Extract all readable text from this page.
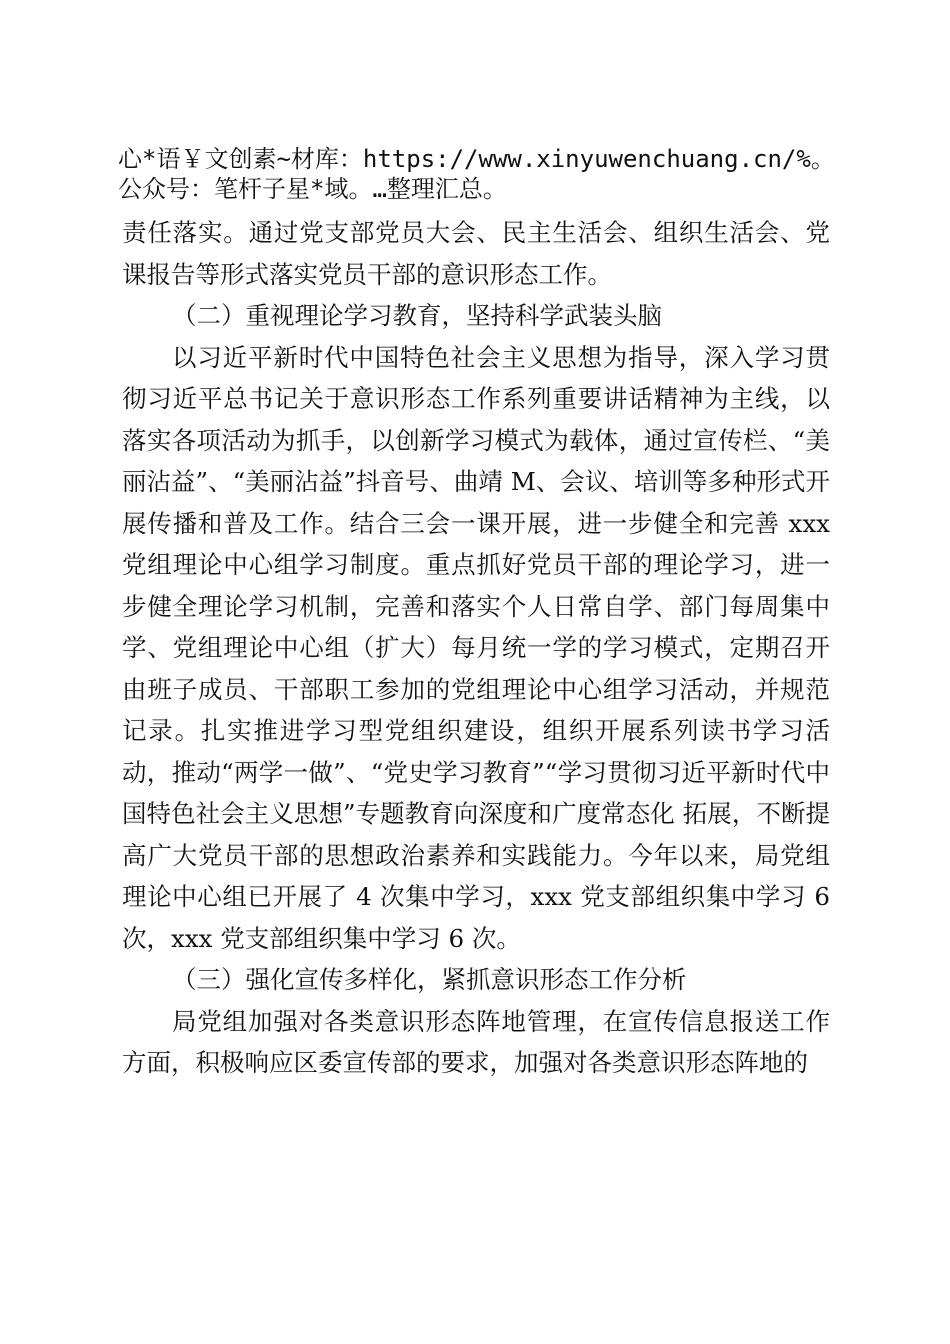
心*语￥文创素~材库：https://www.xinyuwenchuang.cn/%。公众号：笔杆子星*域。…整理汇总。

责任落实。通过党支部党员大会、民主生活会、组织生活会、党课报告等形式落实党员干部的意识形态工作。

（二）重视理论学习教育，坚持科学武装头脑

以习近平新时代中国特色社会主义思想为指导，深入学习贯彻习近平总书记关于意识形态工作系列重要讲话精神为主线，以落实各项活动为抓手，以创新学习模式为载体，通过宣传栏、“美丽沾益”、“美丽沾益”抖音号、曲靖 M、会议、培训等多种形式开展传播和普及工作。结合三会一课开展，进一步健全和完善 xxx 党组理论中心组学习制度。重点抓好党员干部的理论学习，进一步健全理论学习机制，完善和落实个人日常自学、部门每周集中学、党组理论中心组（扩大）每月统一学的学习模式，定期召开由班子成员、干部职工参加的党组理论中心组学习活动，并规范记录。扎实推进学习型党组织建设，组织开展系列读书学习活动，推动“两学一做”、“党史学习教育”“学习贯彻习近平新时代中国特色社会主义思想”专题教育向深度和广度常态化 拓展，不断提高广大党员干部的思想政治素养和实践能力。今年以来，局党组理论中心组已开展了 4 次集中学习，xxx 党支部组织集中学习 6 次，xxx 党支部组织集中学习 6 次。

（三）强化宣传多样化，紧抓意识形态工作分析

局党组加强对各类意识形态阵地管理，在宣传信息报送工作方面，积极响应区委宣传部的要求，加强对各类意识形态阵地的
